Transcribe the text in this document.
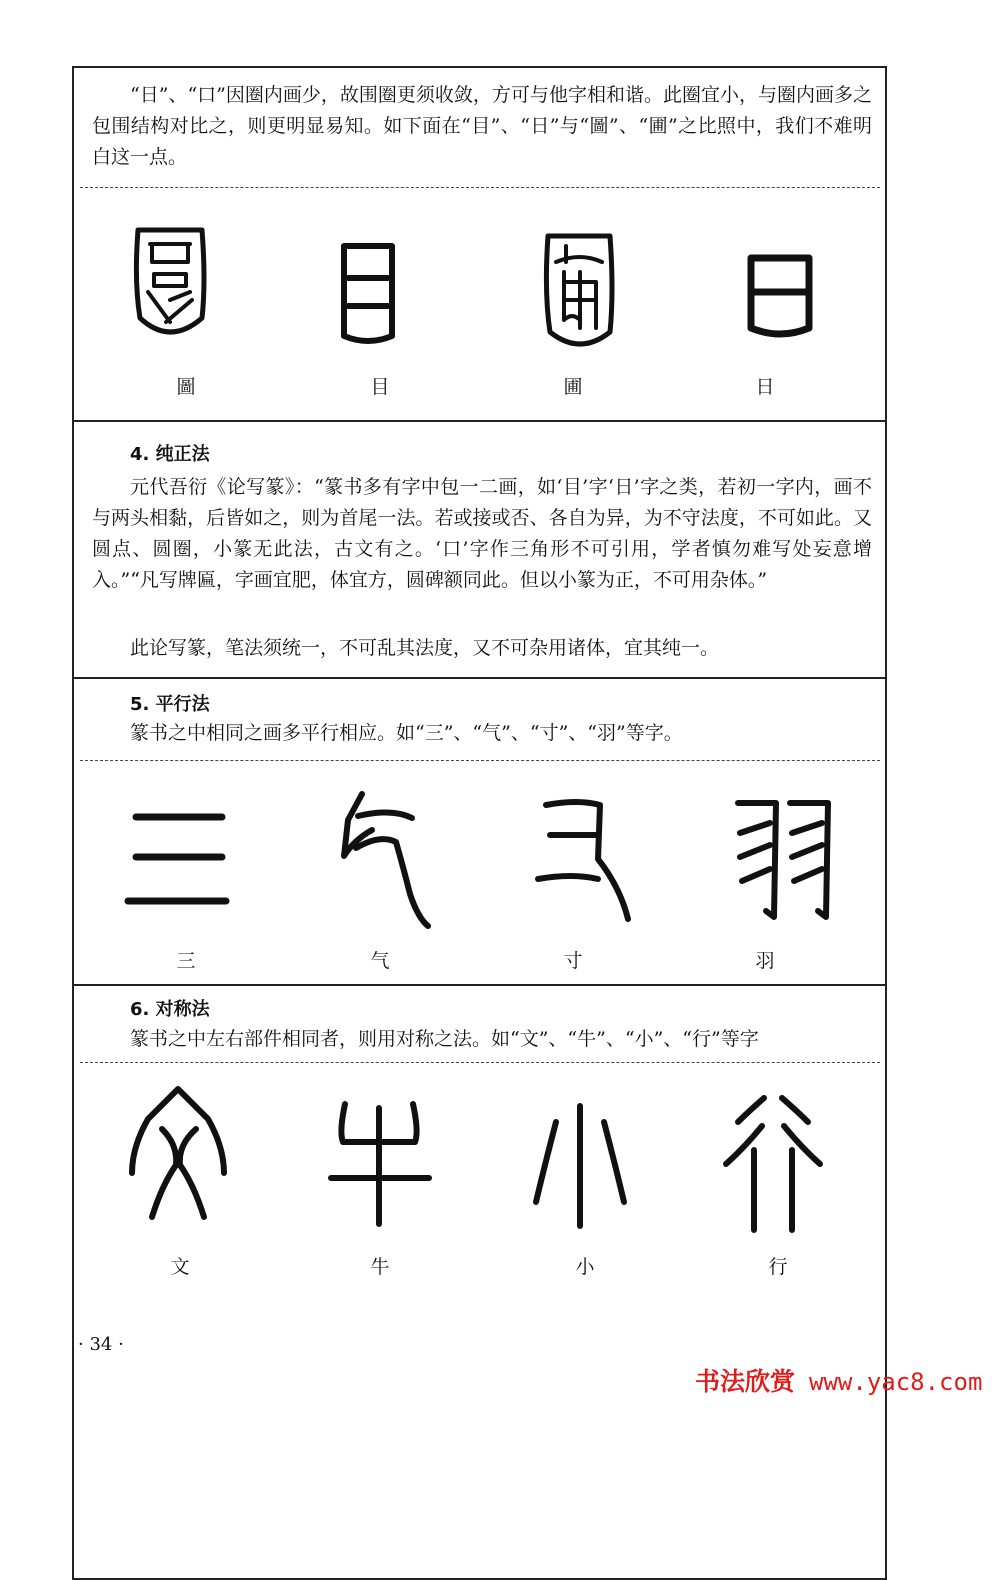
“日”、“口”因圈内画少，故围圈更须收敛，方可与他字相和谐。此圈宜小，与圈内画多之包围结构对比之，则更明显易知。如下面在“目”、“日”与“圖”、“圃”之比照中，我们不难明白这一点。

圖	目	圃	日
4. 纯正法

元代吾衍《论写篆》：“篆书多有字中包一二画，如‘目’字‘日’字之类，若初一字内，画不与两头相黏，后皆如之，则为首尾一法。若或接或否、各自为异，为不守法度，不可如此。又圆点、圆圈，小篆无此法，古文有之。‘口’字作三角形不可引用，学者慎勿难写处妄意增入。”“凡写牌匾，字画宜肥，体宜方，圆碑额同此。但以小篆为正，不可用杂体。”

此论写篆，笔法须统一，不可乱其法度，又不可杂用诸体，宜其纯一。

5. 平行法
篆书之中相同之画多平行相应。如“三”、“气”、“寸”、“羽”等字。
三	气	寸	羽
6. 对称法
篆书之中左右部件相同者，则用对称之法。如“文”、“牛”、“小”、“行”等字
文	牛	小	行
· 34 ·
书法欣赏 www.yac8.com
